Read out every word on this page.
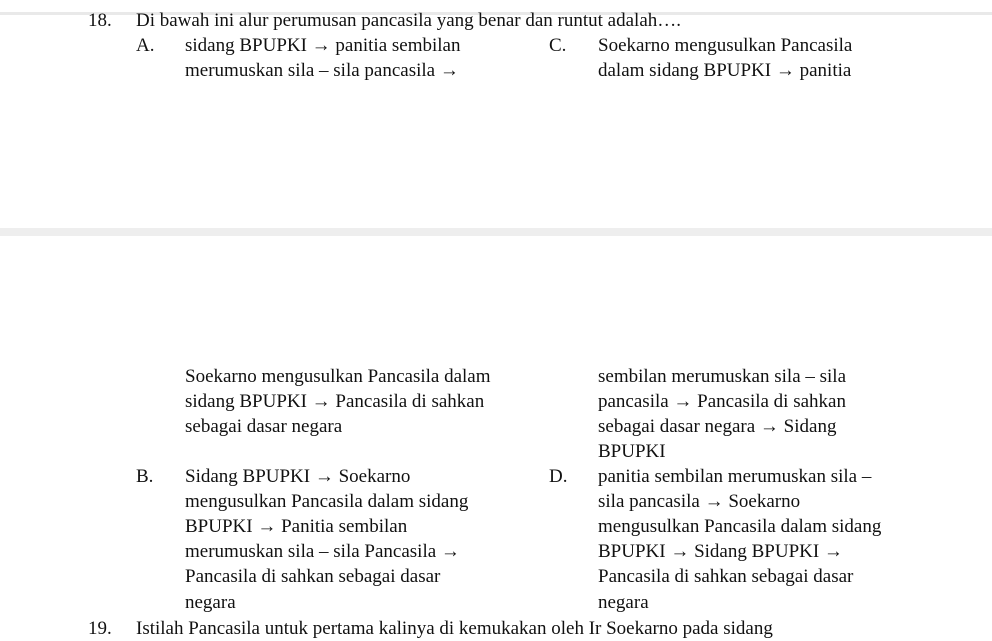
18. Di bawah ini alur perumusan pancasila yang benar dan runtut adalah….
A. sidang BPUPKI → panitia sembilan
merumuskan sila – sila pancasila →
C. Soekarno mengusulkan Pancasila
dalam sidang BPUPKI → panitia
Soekarno mengusulkan Pancasila dalam
sidang BPUPKI → Pancasila di sahkan
sebagai dasar negara
sembilan merumuskan sila – sila
pancasila → Pancasila di sahkan
sebagai dasar negara → Sidang
BPUPKI
B. Sidang BPUPKI → Soekarno
mengusulkan Pancasila dalam sidang
BPUPKI → Panitia sembilan
merumuskan sila – sila Pancasila →
Pancasila di sahkan sebagai dasar
negara
D. panitia sembilan merumuskan sila –
sila pancasila → Soekarno
mengusulkan Pancasila dalam sidang
BPUPKI → Sidang BPUPKI →
Pancasila di sahkan sebagai dasar
negara
19. Istilah Pancasila untuk pertama kalinya di kemukakan oleh Ir Soekarno pada sidang
